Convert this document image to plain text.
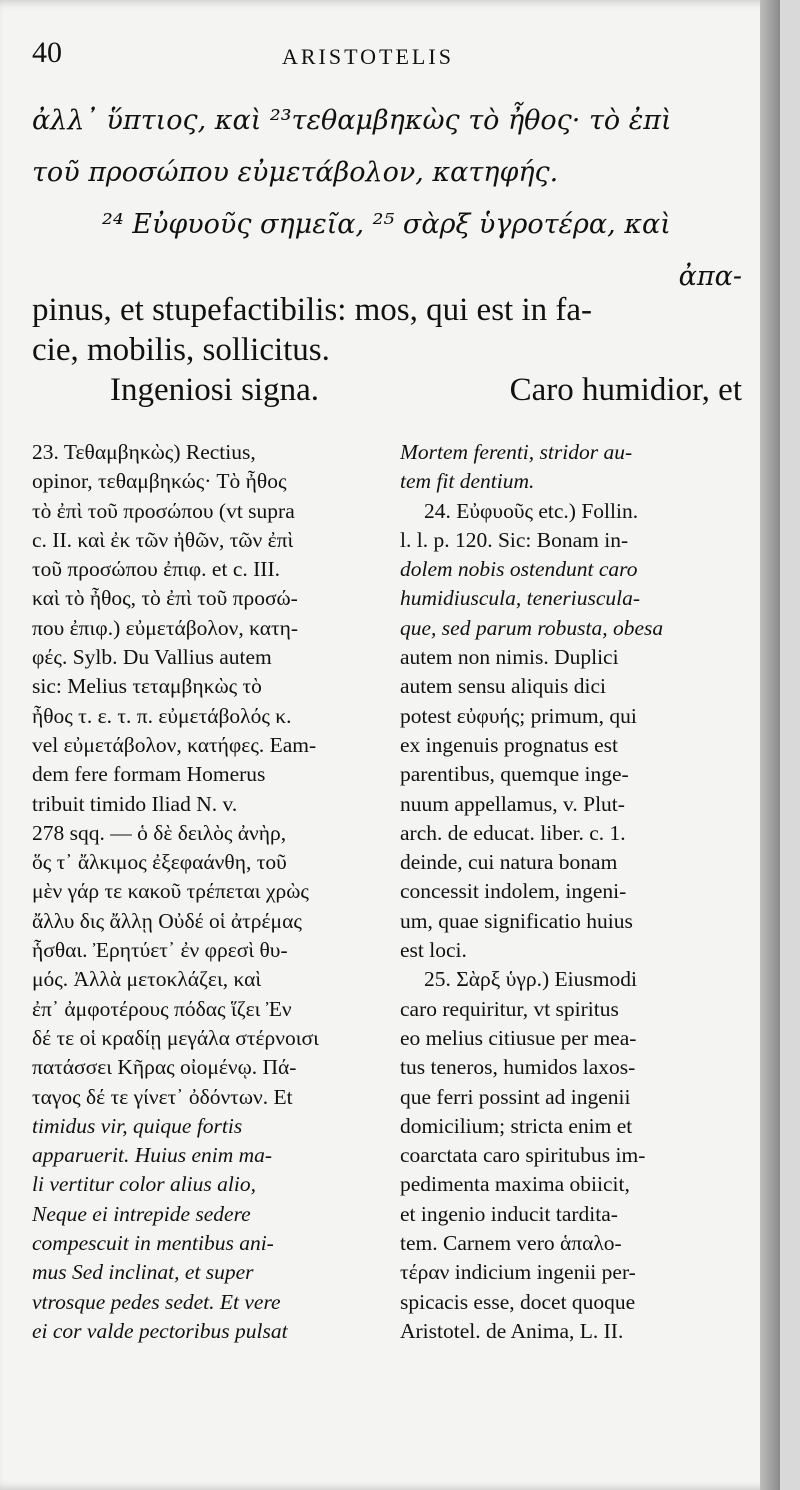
40	ARISTOTELIS

ἀλλ᾽ ὕπτιος, καὶ ²³τεθαμβηκὼς τὸ ἦθος· τὸ ἐπὶ

τοῦ προσώπου εὐμετάβολον, κατηφής.

²⁴ Εὐφυοῦς σημεῖα, ²⁵ σὰρξ ὑγροτέρα, καὶ

ἀπα-

pinus, et stupefactibilis: mos, qui est in fa-

cie, mobilis, sollicitus.

Ingeniosi signa.	Caro humidior, et

23. Τεθαμβηκὼς) Rectius,

opinor, τεθαμβηκώς· Τὸ ἦθος

τὸ ἐπὶ τοῦ προσώπου (vt supra

c. II. καὶ ἐκ τῶν ἠθῶν, τῶν ἐπὶ

τοῦ προσώπου ἐπιφ. et c. III.

καὶ τὸ ἦθος, τὸ ἐπὶ τοῦ προσώ-

που ἐπιφ.) εὐμετάβολον, κατη-

φές. Sylb. Du Vallius autem

sic: Melius τεταμβηκὼς τὸ

ἦθος τ. ε. τ. π. εὐμετάβολός κ.

vel εὐμετάβολον, κατήφες. Eam-

dem fere formam Homerus

tribuit timido Iliad N. v.

278 sqq. — ὁ δὲ δειλὸς ἀνὴρ,

ὅς τ᾽ ἄλκιμος ἐξεφαάνθη, τοῦ

μὲν γάρ τε κακοῦ τρέπεται χρὼς

ἄλλυ δις ἄλλῃ Οὐδέ οἱ ἀτρέμας

ἧσθαι. Ἐρητύετ᾽ ἐν φρεσὶ θυ-

μός. Ἀλλὰ μετοκλάζει, καὶ

ἐπ᾽ ἀμφοτέρους πόδας ἵζει Ἐν

δέ τε οἱ κραδίῃ μεγάλα στέρνοισι

πατάσσει Κῆρας οἰομένῳ. Πά-

ταγος δέ τε γίνετ᾽ ὀδόντων. Et

timidus vir, quique fortis

apparuerit. Huius enim ma-

li vertitur color alius alio,

Neque ei intrepide sedere

compescuit in mentibus ani-

mus Sed inclinat, et super

vtrosque pedes sedet. Et vere

ei cor valde pectoribus pulsat

Mortem ferenti, stridor au-

tem fit dentium.

24. Εὐφυοῦς etc.) Follin.

l. l. p. 120. Sic: Bonam in-

dolem nobis ostendunt caro

humidiuscula, teneriuscula-

que, sed parum robusta, obesa

autem non nimis. Duplici

autem sensu aliquis dici

potest εὐφυής; primum, qui

ex ingenuis prognatus est

parentibus, quemque inge-

nuum appellamus, v. Plut-

arch. de educat. liber. c. 1.

deinde, cui natura bonam

concessit indolem, ingeni-

um, quae significatio huius

est loci.

25. Σὰρξ ὑγρ.) Eiusmodi

caro requiritur, vt spiritus

eo melius citiusue per mea-

tus teneros, humidos laxos-

que ferri possint ad ingenii

domicilium; stricta enim et

coarctata caro spiritubus im-

pedimenta maxima obiicit,

et ingenio inducit tardita-

tem. Carnem vero ἁπαλο-

τέραν indicium ingenii per-

spicacis esse, docet quoque

Aristotel. de Anima, L. II.
